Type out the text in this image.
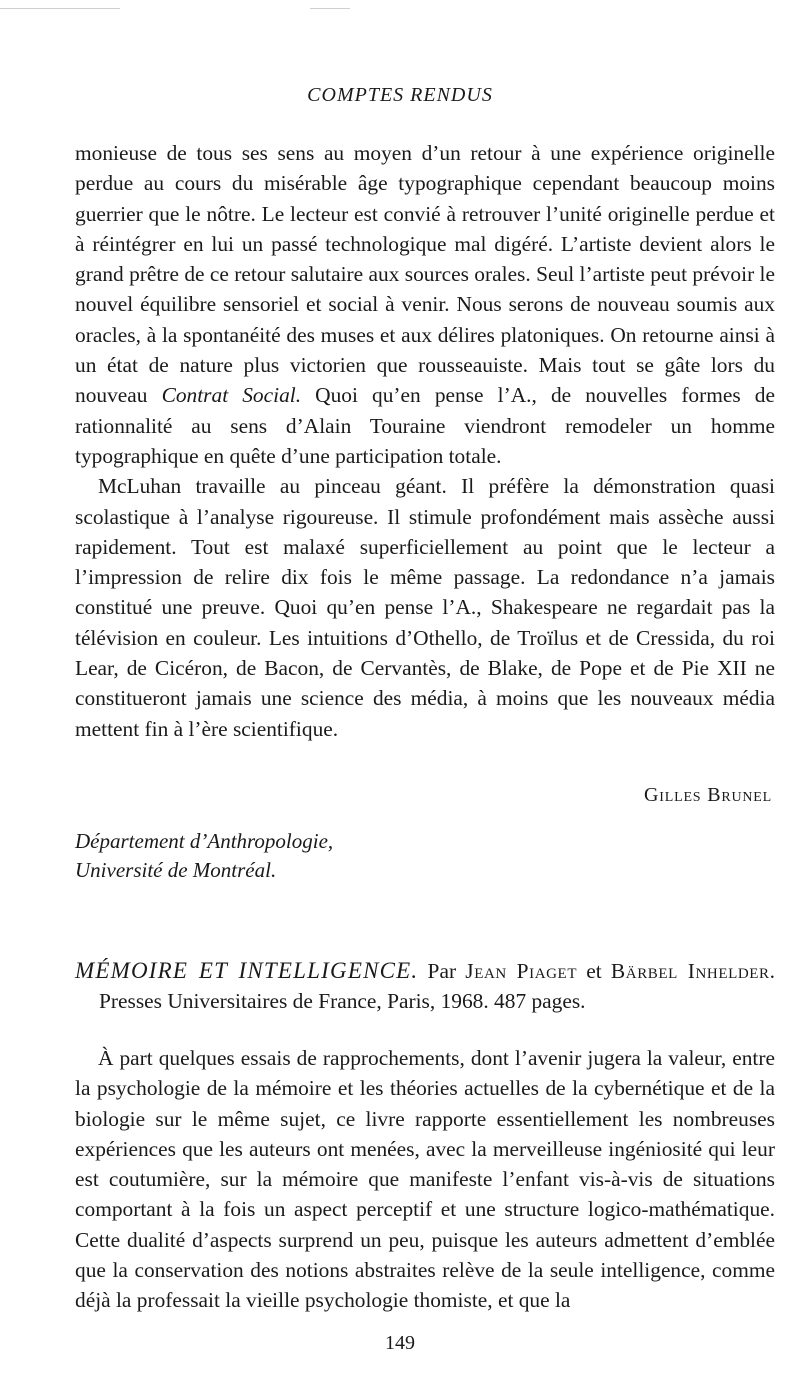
COMPTES RENDUS

monieuse de tous ses sens au moyen d’un retour à une expérience originelle perdue au cours du misérable âge typographique cependant beaucoup moins guerrier que le nôtre. Le lecteur est convié à retrouver l’unité originelle perdue et à réintégrer en lui un passé technologique mal digéré. L’artiste devient alors le grand prêtre de ce retour salutaire aux sources orales. Seul l’artiste peut prévoir le nouvel équilibre sensoriel et social à venir. Nous serons de nouveau soumis aux oracles, à la spontanéité des muses et aux délires platoniques. On retourne ainsi à un état de nature plus victorien que rousseauiste. Mais tout se gâte lors du nouveau Contrat Social. Quoi qu’en pense l’A., de nouvelles formes de rationnalité au sens d’Alain Touraine viendront remodeler un homme typographique en quête d’une participation totale.

McLuhan travaille au pinceau géant. Il préfère la démonstration quasi scolastique à l’analyse rigoureuse. Il stimule profondément mais assèche aussi rapidement. Tout est malaxé superficiellement au point que le lecteur a l’impression de relire dix fois le même passage. La redondance n’a jamais constitué une preuve. Quoi qu’en pense l’A., Shakespeare ne regardait pas la télévision en couleur. Les intuitions d’Othello, de Troïlus et de Cressida, du roi Lear, de Cicéron, de Bacon, de Cervantès, de Blake, de Pope et de Pie XII ne constitueront jamais une science des média, à moins que les nouveaux média mettent fin à l’ère scientifique.

Gilles Brunel
Département d’Anthropologie,
Université de Montréal.
MÉMOIRE ET INTELLIGENCE. Par Jean Piaget et Bärbel Inhelder. Presses Universitaires de France, Paris, 1968. 487 pages.

À part quelques essais de rapprochements, dont l’avenir jugera la valeur, entre la psychologie de la mémoire et les théories actuelles de la cybernétique et de la biologie sur le même sujet, ce livre rapporte essentiellement les nombreuses expériences que les auteurs ont menées, avec la merveilleuse ingéniosité qui leur est coutumière, sur la mémoire que manifeste l’enfant vis-à-vis de situations comportant à la fois un aspect perceptif et une structure logico-mathématique. Cette dualité d’aspects surprend un peu, puisque les auteurs admettent d’emblée que la conservation des notions abstraites relève de la seule intelligence, comme déjà la professait la vieille psychologie thomiste, et que la

149
